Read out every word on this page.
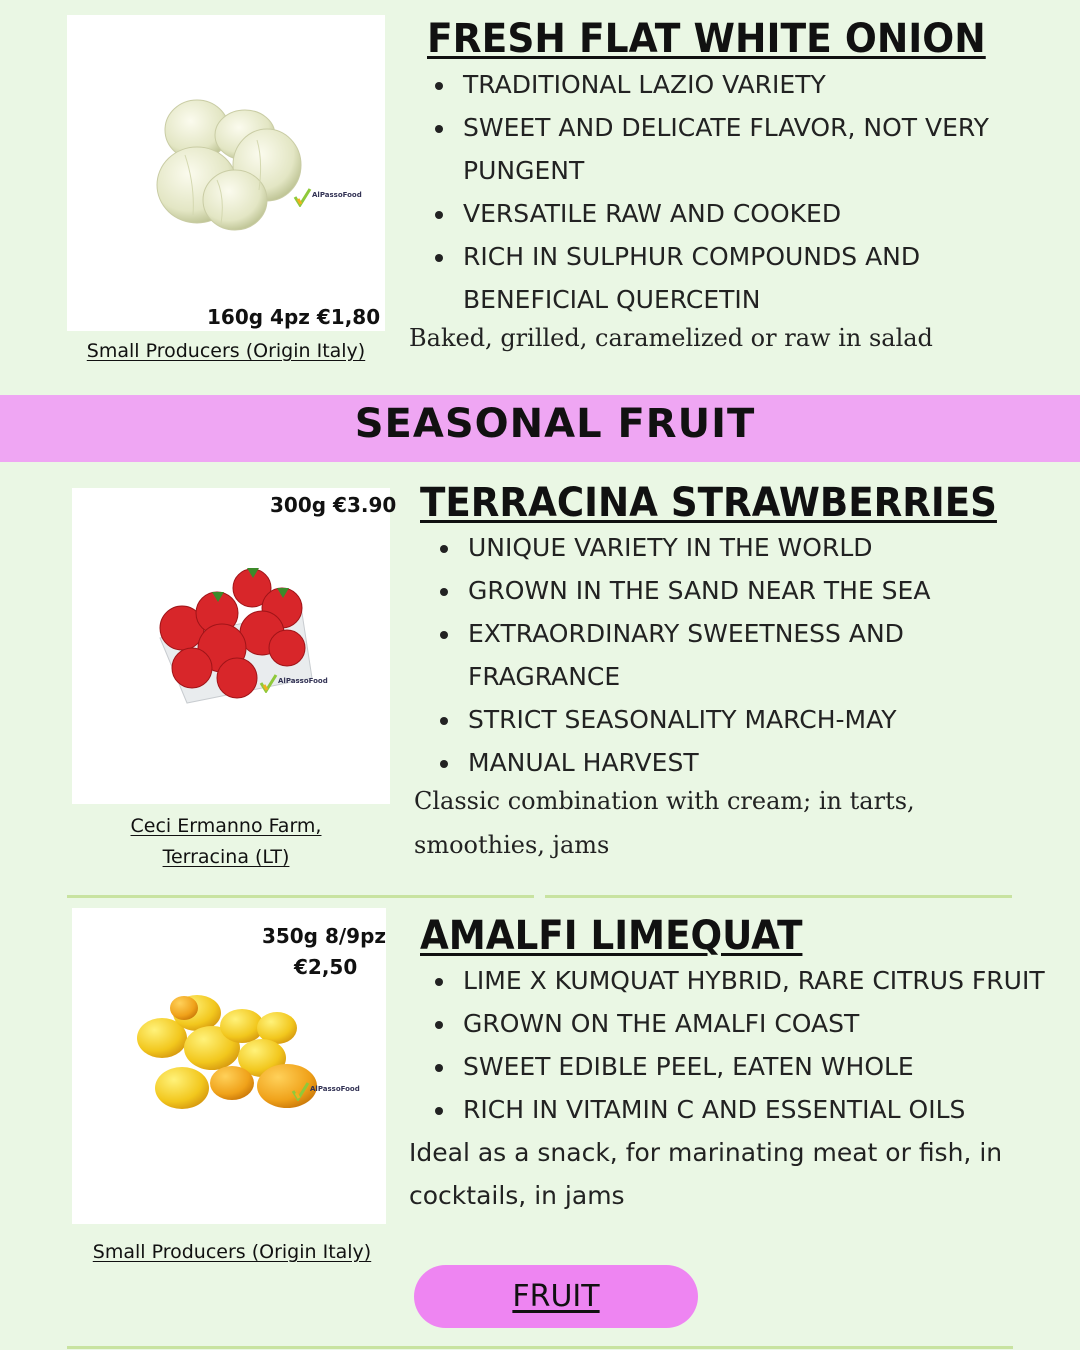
AlPassoFood
160g 4pz €1,80
Small Producers (Origin Italy)
FRESH FLAT WHITE ONION
• TRADITIONAL LAZIO VARIETY
• SWEET AND DELICATE FLAVOR, NOT VERY PUNGENT
• VERSATILE RAW AND COOKED
• RICH IN SULPHUR COMPOUNDS AND BENEFICIAL QUERCETIN
Baked, grilled, caramelized or raw in salad
SEASONAL FRUIT
AlPassoFood
300g €3.90
Ceci Ermanno Farm,
Terracina (LT)
TERRACINA STRAWBERRIES
• UNIQUE VARIETY IN THE WORLD
• GROWN IN THE SAND NEAR THE SEA
• EXTRAORDINARY SWEETNESS AND FRAGRANCE
• STRICT SEASONALITY MARCH-MAY
• MANUAL HARVEST
Classic combination with cream; in tarts, smoothies, jams
AlPassoFood
350g 8/9pz
€2,50
Small Producers (Origin Italy)
AMALFI LIMEQUAT
• LIME X KUMQUAT HYBRID, RARE CITRUS FRUIT
• GROWN ON THE AMALFI COAST
• SWEET EDIBLE PEEL, EATEN WHOLE
• RICH IN VITAMIN C AND ESSENTIAL OILS
Ideal as a snack, for marinating meat or fish, in cocktails, in jams
FRUIT
